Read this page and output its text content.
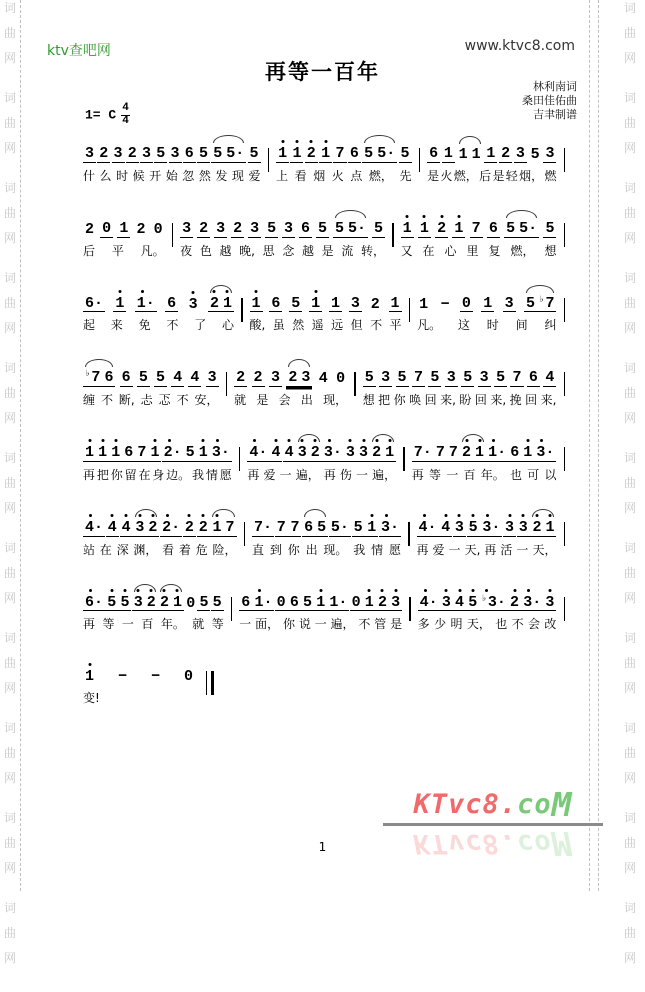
词
曲
网
词
曲
网
词
曲
网
词
曲
网
词
曲
网
词
曲
网
词
曲
网
词
曲
网
词
曲
网
词
曲
网
词
曲
网
词
曲
网
词
曲
网
词
曲
网
词
曲
网
词
曲
网
词
曲
网
词
曲
网
词
曲
网
词
曲
网
词
曲
网
词
曲
网
ktv查吧网	www.ktvc8.com
再等一百年
林利南词
桑田佳佑曲
吉聿制谱
1= C $\frac{4}{4}$
3 2 3 2 3 5 3 6 5 5 5· 5
什 么 时 候 开 始 忽 然 发 现 爱
1 1 2 1 7 6 5 5· 5
上 看 烟 火 点 燃， 先
6 1 1 1 1 2 3 5 3
是 火 燃， 后 是 轻 烟， 燃
2 0 1 2 0
后 平 凡。
3 2 3 2 3 5 3 6 5 5 5· 5
夜 色 越 晚, 思 念 越 是 流 转，
1 1 2 1 7 6 5 5· 5
又 在 心 里 复 燃， 想
6· 1 1· 6 3 2 1
起 来 免 不 了 心
1 6 5 1 1 3 2 1
酸, 虽 然 遥 远 但 不 平
1 − 0 1 3 5 ♭7
凡。 这 时 间 纠
♭7 6 6 5 5 4 4 3
缠 不 断, 忐 忑 不 安，
2 2 3 2 3 4 0
就 是 会 出 现，
5 3 5 7 5 3 5 3 5 7 6 4
想 把 你 唤 回 来, 盼 回 来, 挽 回 来,
1 1 1 6 7 1 2· 5 1 3·
再 把 你 留 在 身 边。 我 情 愿
4· 4 4 3 2 3· 3 3 2 1
再 爱 一 遍， 再 伤 一 遍，
7· 7 7 2 1 1· 6 1 3·
再 等 一 百 年。 也 可 以
4· 4 4 3 2 2· 2 2 1 7
站 在 深 渊， 看 着 危 险，
7· 7 7 6 5 5· 5 1 3·
直 到 你 出 现。 我 情 愿
4· 4 3 5 3· 3 3 2 1
再 爱 一 天, 再 活 一 天，
6· 5 5 3 2 2 1 0 5 5
再 等 一 百 年。 就 等
6 1· 0 6 5 1 1· 0 1 2 3
一 面， 你 说 一 遍， 不 管 是
4· 3 4 5 ♭3· 2 3· 3
多 少 明 天， 也 不 会 改
1 − − 0
变!
KTvc8.coM
KTvc8.coM
1
